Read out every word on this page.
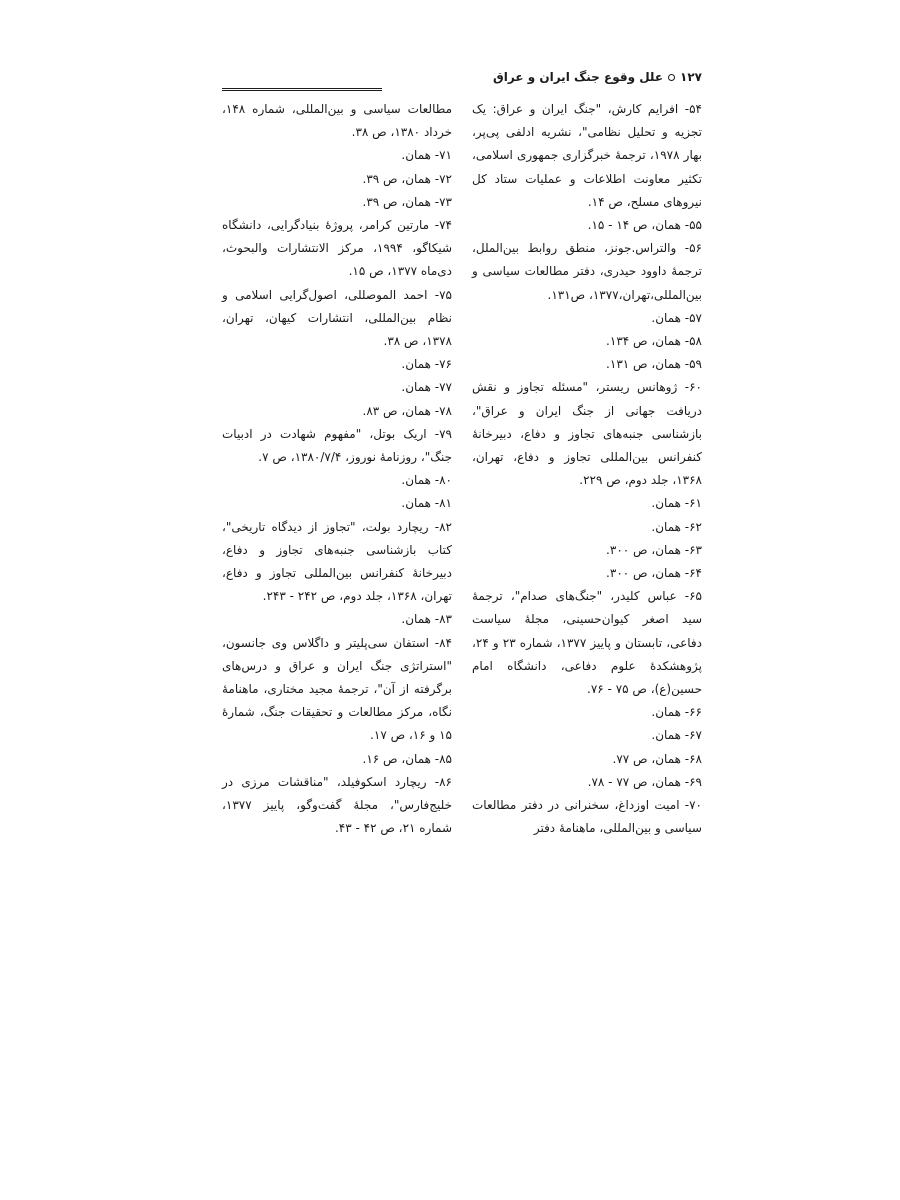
۱۲۷علل وقوع جنگ ایران و عراق

۵۴- افرایم کارش، "جنگ ایران و عراق: یک تجزیه و تحلیل نظامی"، نشریه ادلفی پی‌پر، بهار ۱۹۷۸، ترجمهٔ خبرگزاری جمهوری اسلامی، تکثیر معاونت اطلاعات و عملیات ستاد کل نیروهای مسلح، ص ۱۴.

۵۵- همان، ص ۱۴ - ۱۵.

۵۶- والتراس.جونز، منطق روابط بین‌الملل، ترجمهٔ داوود حیدری، دفتر مطالعات سیاسی و بین‌المللی،تهران،۱۳۷۷، ص۱۳۱.

۵۷- همان.

۵۸- همان، ص ۱۳۴.

۵۹- همان، ص ۱۳۱.

۶۰- ژوهانس ریستر، "مسئله تجاوز و نقش دریافت جهانی از جنگ ایران و عراق"، بازشناسی جنبه‌های تجاوز و دفاع، دبیرخانهٔ کنفرانس بین‌المللی تجاوز و دفاع، تهران، ۱۳۶۸، جلد دوم، ص ۲۲۹.

۶۱- همان.

۶۲- همان.

۶۳- همان، ص ۳۰۰.

۶۴- همان، ص ۳۰۰.

۶۵- عباس کلیدر، "جنگ‌های صدام"، ترجمهٔ سید اصغر کیوان‌حسینی، مجلهٔ سیاست دفاعی، تابستان و پاییز ۱۳۷۷، شماره ۲۳ و ۲۴، پژوهشکدهٔ علوم دفاعی، دانشگاه امام حسین(ع)، ص ۷۵ - ۷۶.

۶۶- همان.

۶۷- همان.

۶۸- همان، ص ۷۷.

۶۹- همان، ص ۷۷ - ۷۸.

۷۰- امیت اوزداغ، سخنرانی در دفتر مطالعات سیاسی و بین‌المللی، ماهنامهٔ دفتر

مطالعات سیاسی و بین‌المللی، شماره ۱۴۸، خرداد ۱۳۸۰، ص ۳۸.

۷۱- همان.

۷۲- همان، ص ۳۹.

۷۳- همان، ص ۳۹.

۷۴- مارتین کرامر، پروژهٔ بنیادگرایی، دانشگاه شیکاگو، ۱۹۹۴، مرکز الانتشارات والبحوث، دی‌ماه ۱۳۷۷، ص ۱۵.

۷۵- احمد الموصللی، اصول‌گرایی اسلامی و نظام بین‌المللی، انتشارات کیهان، تهران، ۱۳۷۸، ص ۳۸.

۷۶- همان.

۷۷- همان.

۷۸- همان، ص ۸۳.

۷۹- اریک بوتل، "مفهوم شهادت در ادبیات جنگ"، روزنامهٔ نوروز، ۱۳۸۰/۷/۴، ص ۷.

۸۰- همان.

۸۱- همان.

۸۲- ریچارد بولت، "تجاوز از دیدگاه تاریخی"، کتاب بازشناسی جنبه‌های تجاوز و دفاع، دبیرخانهٔ کنفرانس بین‌المللی تجاوز و دفاع، تهران، ۱۳۶۸، جلد دوم، ص ۲۴۲ - ۲۴۳.

۸۳- همان.

۸۴- استفان سی‌پلیتر و داگلاس وی جانسون، "استراتژی جنگ ایران و عراق و درس‌های برگرفته از آن"، ترجمهٔ مجید مختاری، ماهنامهٔ نگاه، مرکز مطالعات و تحقیقات جنگ، شمارهٔ ۱۵ و ۱۶، ص ۱۷.

۸۵- همان، ص ۱۶.

۸۶- ریچارد اسکوفیلد، "مناقشات مرزی در خلیج‌فارس"، مجلهٔ گفت‌وگو، پاییز ۱۳۷۷، شماره ۲۱، ص ۴۲ - ۴۳.
